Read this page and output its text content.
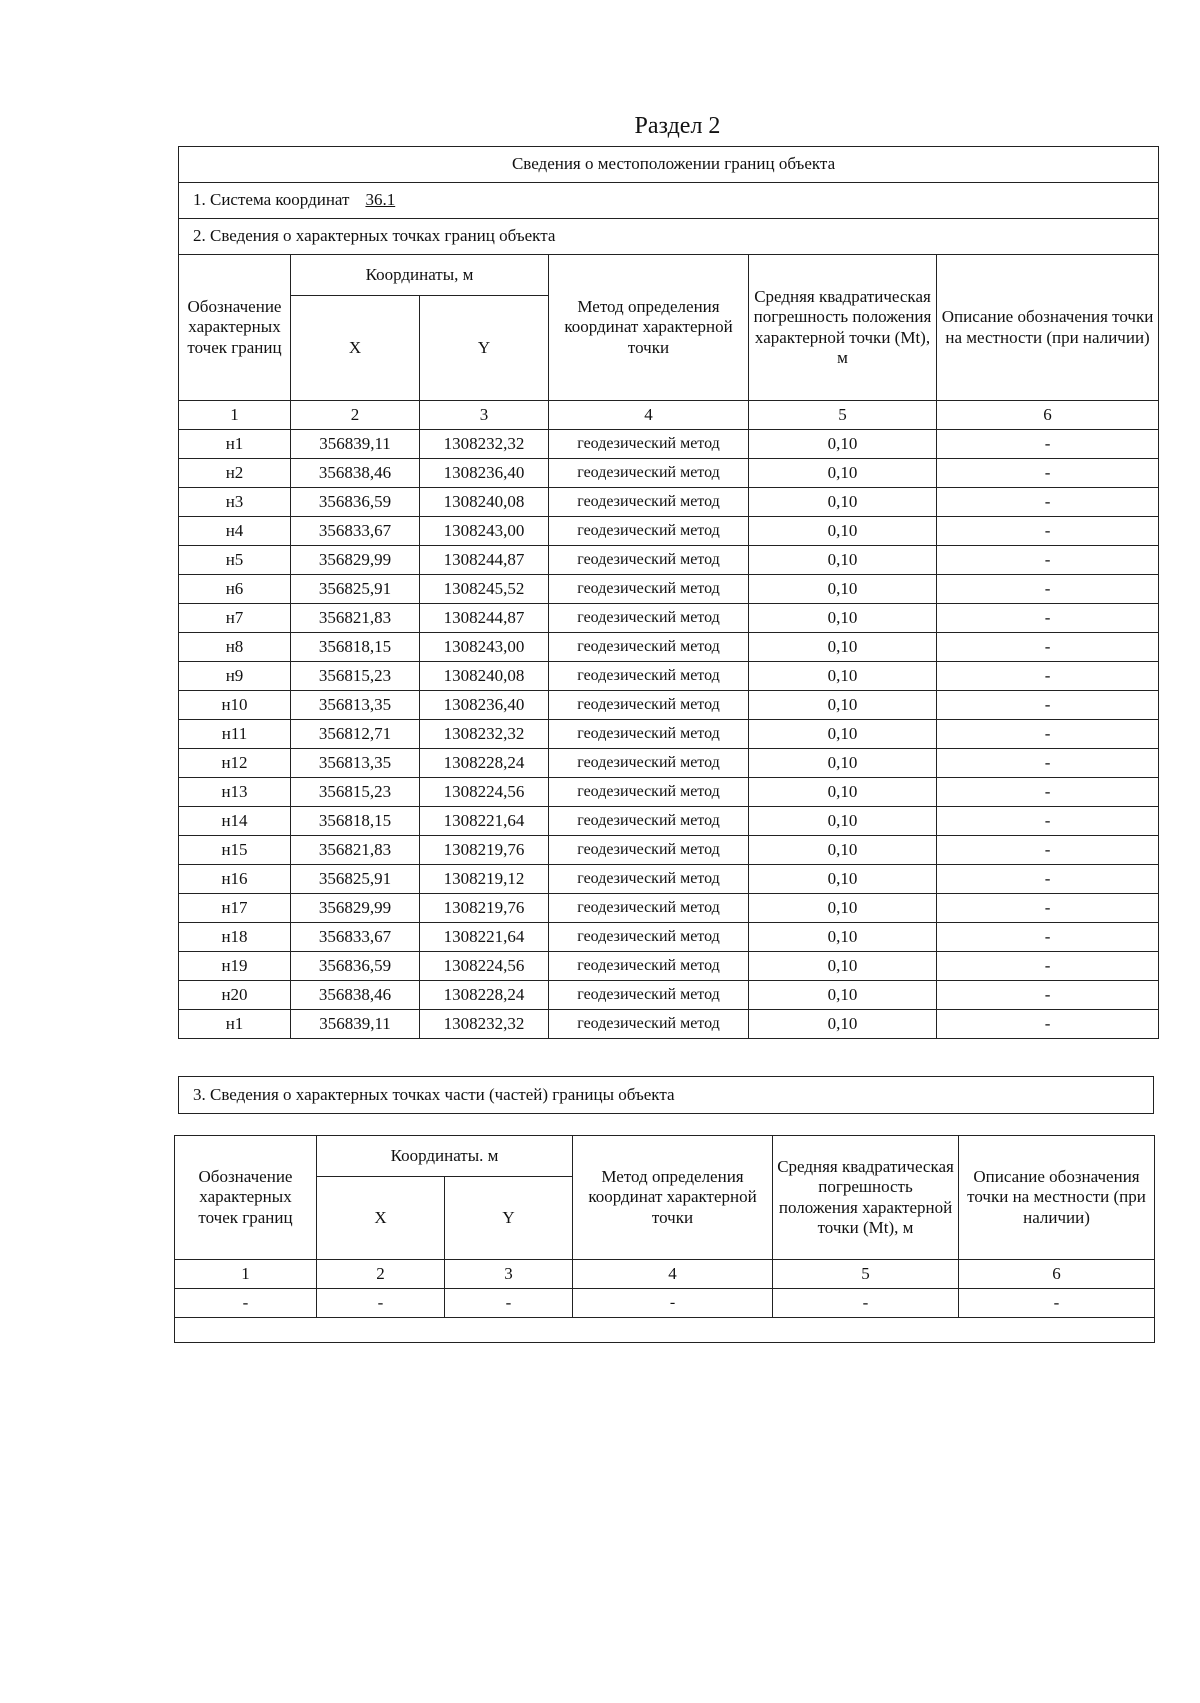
Раздел 2
Сведения о местоположении границ объекта					
1. Система координат 36.1					
2. Сведения о характерных точках границ объекта					
Обозначение характерных точек границ	Координаты, м		Метод определения координат характерной точки	Средняя квадратическая погрешность положения характерной точки (Mt), м	Описание обозначения точки на местности (при наличии)
	X	Y			
1	2	3	4	5	6
н1	356839,11	1308232,32	геодезический метод	0,10	-
н2	356838,46	1308236,40	геодезический метод	0,10	-
н3	356836,59	1308240,08	геодезический метод	0,10	-
н4	356833,67	1308243,00	геодезический метод	0,10	-
н5	356829,99	1308244,87	геодезический метод	0,10	-
н6	356825,91	1308245,52	геодезический метод	0,10	-
н7	356821,83	1308244,87	геодезический метод	0,10	-
н8	356818,15	1308243,00	геодезический метод	0,10	-
н9	356815,23	1308240,08	геодезический метод	0,10	-
н10	356813,35	1308236,40	геодезический метод	0,10	-
н11	356812,71	1308232,32	геодезический метод	0,10	-
н12	356813,35	1308228,24	геодезический метод	0,10	-
н13	356815,23	1308224,56	геодезический метод	0,10	-
н14	356818,15	1308221,64	геодезический метод	0,10	-
н15	356821,83	1308219,76	геодезический метод	0,10	-
н16	356825,91	1308219,12	геодезический метод	0,10	-
н17	356829,99	1308219,76	геодезический метод	0,10	-
н18	356833,67	1308221,64	геодезический метод	0,10	-
н19	356836,59	1308224,56	геодезический метод	0,10	-
н20	356838,46	1308228,24	геодезический метод	0,10	-
н1	356839,11	1308232,32	геодезический метод	0,10	-
3. Сведения о характерных точках части (частей) границы объекта
Обозначение характерных точек границ	Координаты. м		Метод определения координат характерной точки	Средняя квадратическая погрешность положения характерной точки (Mt), м	Описание обозначения точки на местности (при наличии)
	X	Y			
1	2	3	4	5	6
-	-	-	-	-	-
